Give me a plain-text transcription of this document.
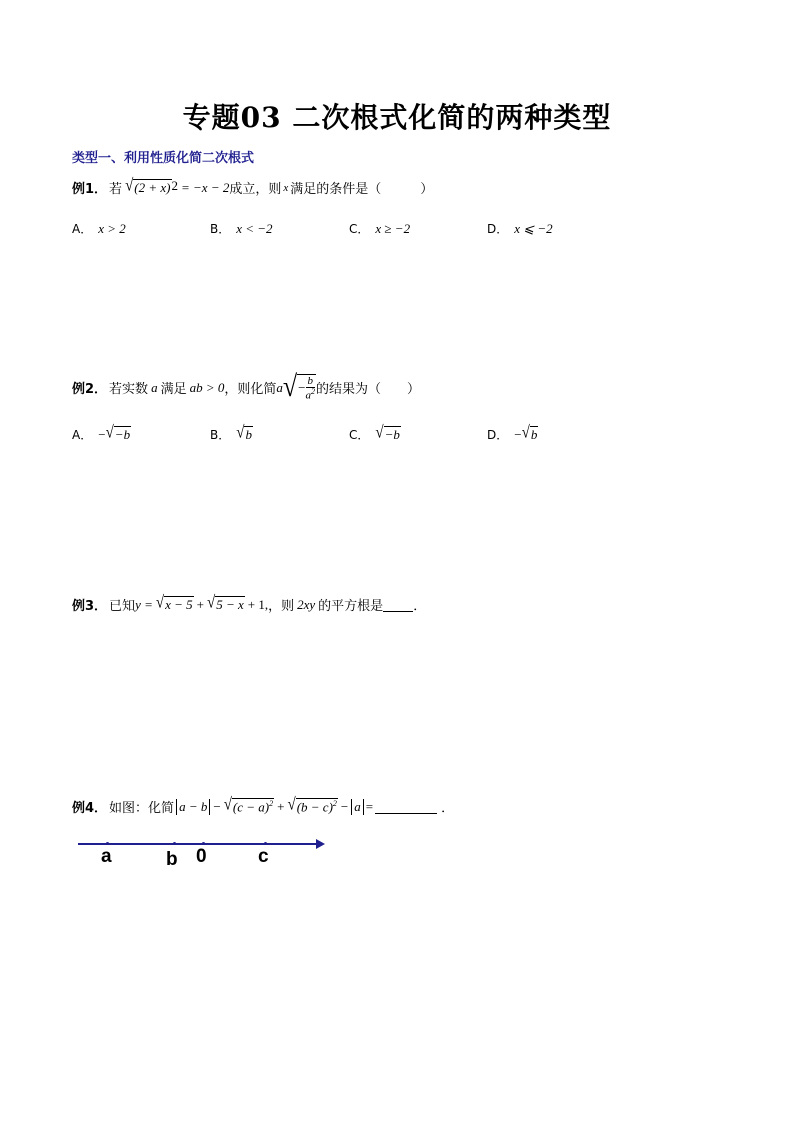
专题03 二次根式化简的两种类型
类型一、利用性质化简二次根式
例1． 若 √ (2 + x) 2 = −x − 2 成立，则 x 满足的条件是（　　　）
A． x > 2	B． x < −2	C． x ≥ −2	D． x ⩽ −2
例2． 若实数 a 满足 ab > 0 ，则化简 a √ − $\frac{b}{a^2}$ 的结果为（　　）
A． − √ −b	B． √ b	C． √ −b	D． − √ b
例3． 已知 y = √ x − 5 + √ 5 − x + 1, ，则 2xy 的平方根是 ．
例4． 如图：化简 a − b − √ $(c - a)^2$ + √ $(b - c)^2 - a$ =	．
a	b 0	c
